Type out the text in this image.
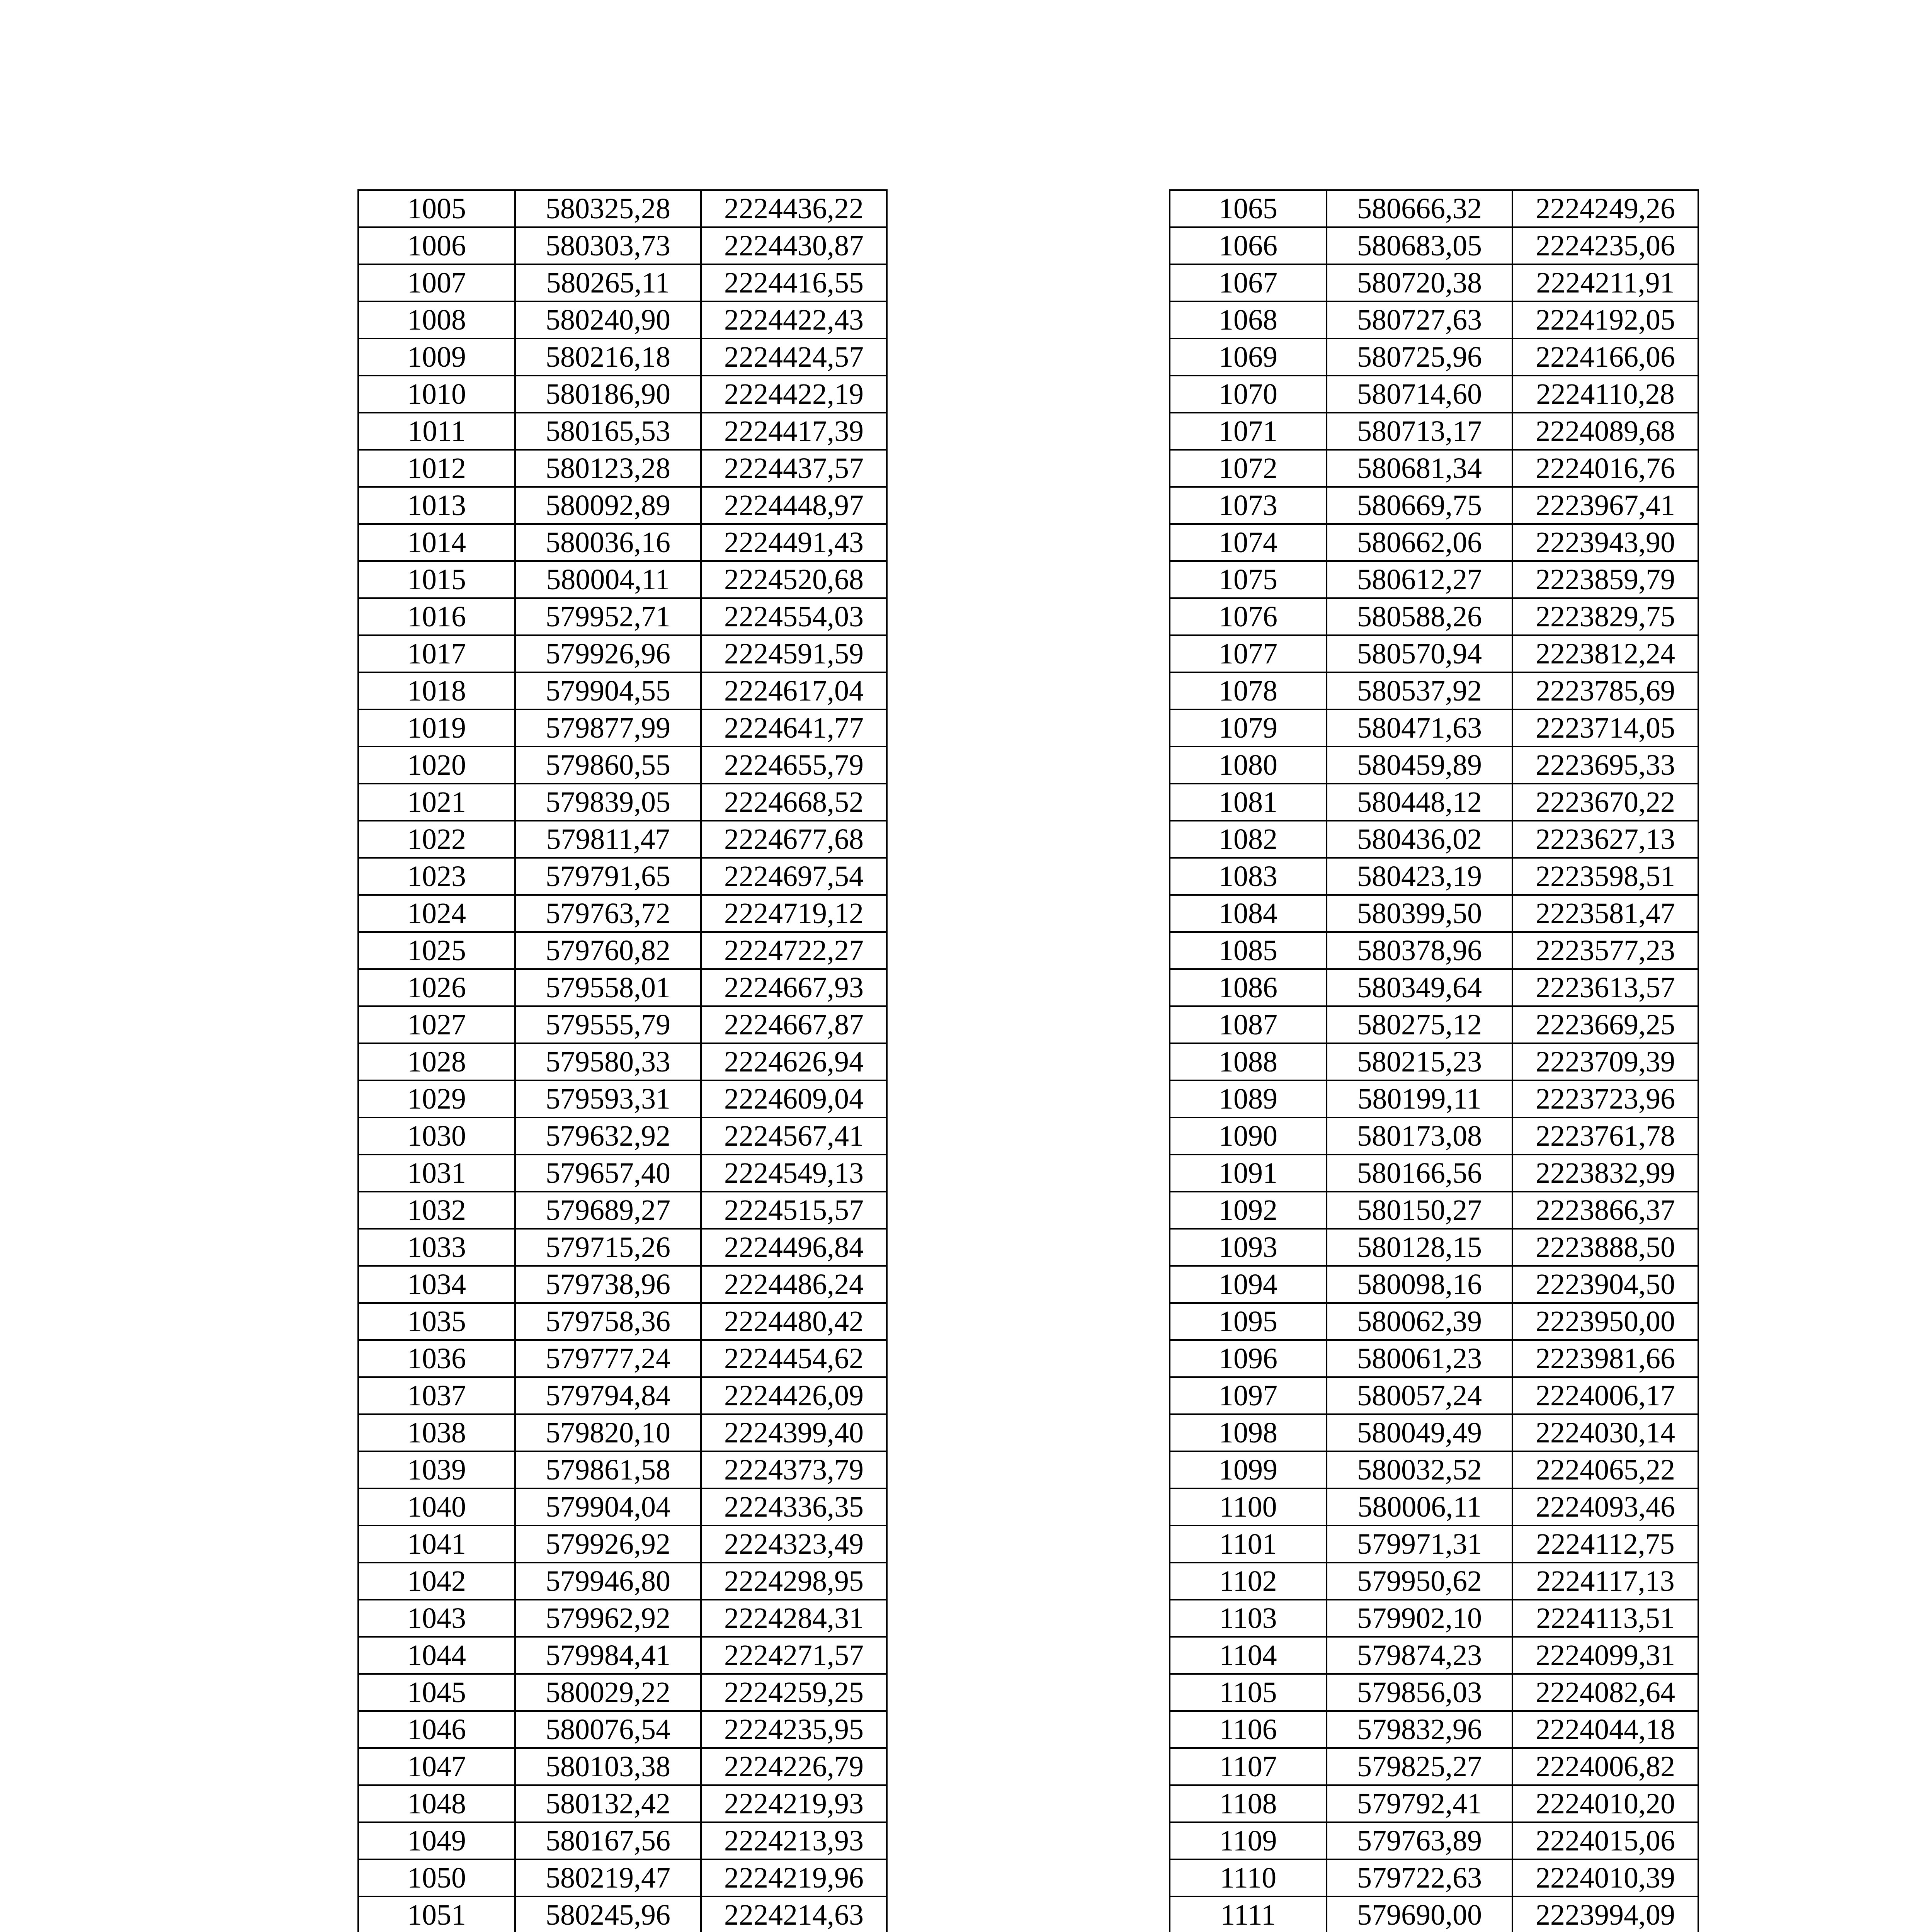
1005	580325,28	2224436,22
1006	580303,73	2224430,87
1007	580265,11	2224416,55
1008	580240,90	2224422,43
1009	580216,18	2224424,57
1010	580186,90	2224422,19
1011	580165,53	2224417,39
1012	580123,28	2224437,57
1013	580092,89	2224448,97
1014	580036,16	2224491,43
1015	580004,11	2224520,68
1016	579952,71	2224554,03
1017	579926,96	2224591,59
1018	579904,55	2224617,04
1019	579877,99	2224641,77
1020	579860,55	2224655,79
1021	579839,05	2224668,52
1022	579811,47	2224677,68
1023	579791,65	2224697,54
1024	579763,72	2224719,12
1025	579760,82	2224722,27
1026	579558,01	2224667,93
1027	579555,79	2224667,87
1028	579580,33	2224626,94
1029	579593,31	2224609,04
1030	579632,92	2224567,41
1031	579657,40	2224549,13
1032	579689,27	2224515,57
1033	579715,26	2224496,84
1034	579738,96	2224486,24
1035	579758,36	2224480,42
1036	579777,24	2224454,62
1037	579794,84	2224426,09
1038	579820,10	2224399,40
1039	579861,58	2224373,79
1040	579904,04	2224336,35
1041	579926,92	2224323,49
1042	579946,80	2224298,95
1043	579962,92	2224284,31
1044	579984,41	2224271,57
1045	580029,22	2224259,25
1046	580076,54	2224235,95
1047	580103,38	2224226,79
1048	580132,42	2224219,93
1049	580167,56	2224213,93
1050	580219,47	2224219,96
1051	580245,96	2224214,63

1065	580666,32	2224249,26
1066	580683,05	2224235,06
1067	580720,38	2224211,91
1068	580727,63	2224192,05
1069	580725,96	2224166,06
1070	580714,60	2224110,28
1071	580713,17	2224089,68
1072	580681,34	2224016,76
1073	580669,75	2223967,41
1074	580662,06	2223943,90
1075	580612,27	2223859,79
1076	580588,26	2223829,75
1077	580570,94	2223812,24
1078	580537,92	2223785,69
1079	580471,63	2223714,05
1080	580459,89	2223695,33
1081	580448,12	2223670,22
1082	580436,02	2223627,13
1083	580423,19	2223598,51
1084	580399,50	2223581,47
1085	580378,96	2223577,23
1086	580349,64	2223613,57
1087	580275,12	2223669,25
1088	580215,23	2223709,39
1089	580199,11	2223723,96
1090	580173,08	2223761,78
1091	580166,56	2223832,99
1092	580150,27	2223866,37
1093	580128,15	2223888,50
1094	580098,16	2223904,50
1095	580062,39	2223950,00
1096	580061,23	2223981,66
1097	580057,24	2224006,17
1098	580049,49	2224030,14
1099	580032,52	2224065,22
1100	580006,11	2224093,46
1101	579971,31	2224112,75
1102	579950,62	2224117,13
1103	579902,10	2224113,51
1104	579874,23	2224099,31
1105	579856,03	2224082,64
1106	579832,96	2224044,18
1107	579825,27	2224006,82
1108	579792,41	2224010,20
1109	579763,89	2224015,06
1110	579722,63	2224010,39
1111	579690,00	2223994,09
